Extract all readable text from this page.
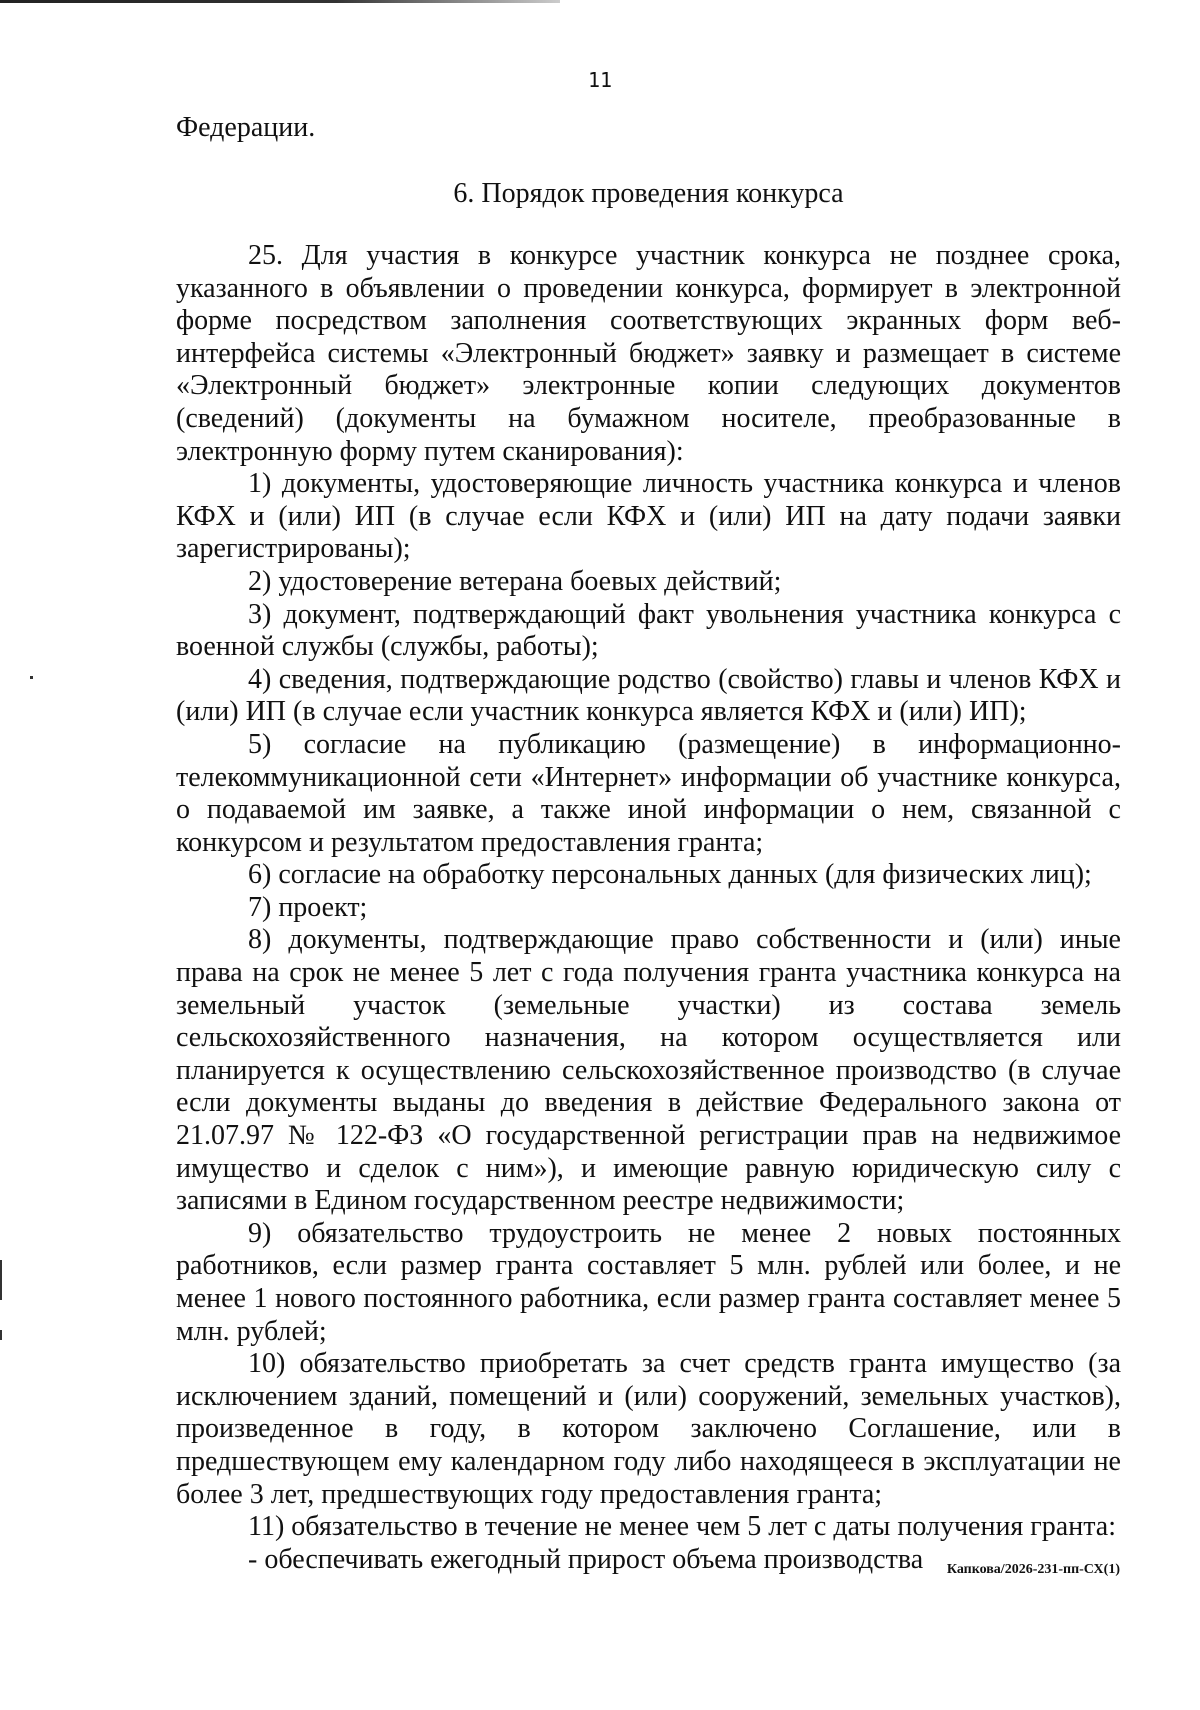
11
Федерации.
6. Порядок проведения конкурса

25. Для участия в конкурсе участник конкурса не позднее срока, указанного в объявлении о проведении конкурса, формирует в электронной форме посредством заполнения соответствующих экранных форм веб-интерфейса системы «Электронный бюджет» заявку и размещает в системе «Электронный бюджет» электронные копии следующих документов (сведений) (документы на бумажном носителе, преобразованные в электронную форму путем сканирования):

1) документы, удостоверяющие личность участника конкурса и членов КФХ и (или) ИП (в случае если КФХ и (или) ИП на дату подачи заявки зарегистрированы);

2) удостоверение ветерана боевых действий;

3) документ, подтверждающий факт увольнения участника конкурса с военной службы (службы, работы);

4) сведения, подтверждающие родство (свойство) главы и членов КФХ и (или) ИП (в случае если участник конкурса является КФХ и (или) ИП);

5) согласие на публикацию (размещение) в информационно-телекоммуникационной сети «Интернет» информации об участнике конкурса, о подаваемой им заявке, а также иной информации о нем, связанной с конкурсом и результатом предоставления гранта;

6) согласие на обработку персональных данных (для физических лиц);

7) проект;

8) документы, подтверждающие право собственности и (или) иные права на срок не менее 5 лет с года получения гранта участника конкурса на земельный участок (земельные участки) из состава земель сельскохозяйственного назначения, на котором осуществляется или планируется к осуществлению сельскохозяйственное производство (в случае если документы выданы до введения в действие Федерального закона от 21.07.97 № 122-ФЗ «О государственной регистрации прав на недвижимое имущество и сделок с ним»), и имеющие равную юридическую силу с записями в Едином государственном реестре недвижимости;

9) обязательство трудоустроить не менее 2 новых постоянных работников, если размер гранта составляет 5 млн. рублей или более, и не менее 1 нового постоянного работника, если размер гранта составляет менее 5 млн. рублей;

10) обязательство приобретать за счет средств гранта имущество (за исключением зданий, помещений и (или) сооружений, земельных участков), произведенное в году, в котором заключено Соглашение, или в предшествующем ему календарном году либо находящееся в эксплуатации не более 3 лет, предшествующих году предоставления гранта;

11) обязательство в течение не менее чем 5 лет с даты получения гранта:

- обеспечивать ежегодный прирост объема производства	Капкова/2026-231-пп-СХ(1)
